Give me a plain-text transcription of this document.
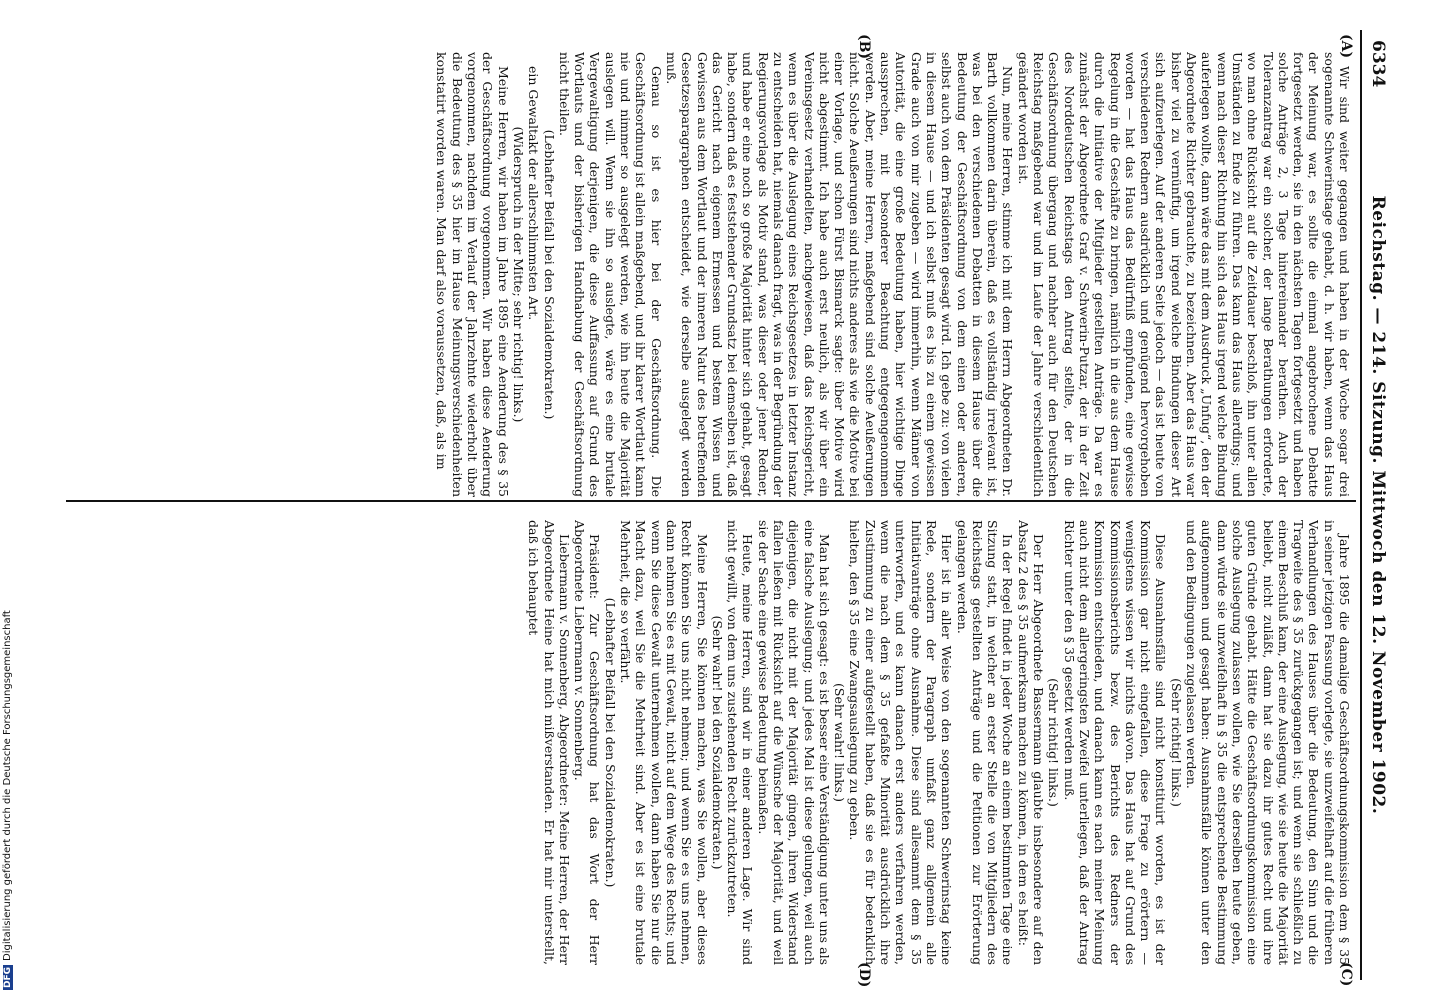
DFGDigitalisierung gefördert durch die Deutsche Forschungsgemeinschaft
6334
Reichstag. — 214. Sitzung. Mittwoch den 12. November 1902.
(A)
(B)
(C)
(D)

Wir sind weiter gegangen und haben in der Woche sogar drei sogenannte Schwerinstage gehabt, d. h. wir haben, wenn das Haus der Meinung war, es sollte die einmal angebrochene Debatte fortgesetzt werden, sie in den nächsten Tagen fortgesetzt und haben solche Anträge 2, 3 Tage hintereinander berathen. Auch der Toleranzantrag war ein solcher, der lange Berathungen erforderte, wo man ohne Rücksicht auf die Zeitdauer beschloß, ihn unter allen Umständen zu Ende zu führen. Das kann das Haus allerdings; und wenn nach dieser Richtung hin sich das Haus irgend welche Bindung auferlegen wollte, dann wäre das mit dem Ausdruck „Unfug“, den der Abgeordnete Richter gebrauchte, zu bezeichnen. Aber das Haus war bisher viel zu vernünftig, um irgend welche Bindungen dieser Art sich aufzuerlegen. Auf der anderen Seite jedoch — das ist heute von verschiedenen Rednern ausdrücklich und genügend hervorgehoben worden — hat das Haus das Bedürfniß empfunden, eine gewisse Regelung in die Geschäfte zu bringen, nämlich in die aus dem Hause durch die Initiative der Mitglieder gestellten Anträge. Da war es zunächst der Abgeordnete Graf v. Schwerin-Putzar, der in der Zeit des Norddeutschen Reichstags den Antrag stellte, der in die Geschäftsordnung übergang und nachher auch für den Deutschen Reichstag maßgebend war und im Laufe der Jahre verschiedentlich geändert worden ist.

Nun, meine Herren, stimme ich mit dem Herrn Abgeordneten Dr. Barth vollkommen darin überein, daß es vollständig irrelevant ist, was bei den verschiedenen Debatten in diesem Hause über die Bedeutung der Geschäftsordnung von dem einen oder anderen, selbst auch von dem Präsidenten gesagt wird. Ich gebe zu: von vielen in diesem Hause — und ich selbst muß es bis zu einem gewissen Grade auch von mir zugeben — wird immerhin, wenn Männer von Autorität, die eine große Bedeutung haben, hier wichtige Dinge aussprechen, mit besonderer Beachtung entgegengenommen werden. Aber, meine Herren, maßgebend sind solche Aeußerungen nicht. Solche Aeußerungen sind nichts anderes als wie die Motive bei einer Vorlage, und schon Fürst Bismarck sagte: über Motive wird nicht abgestimmt. Ich habe auch erst neulich, als wir über ein Vereinsgesetz verhandelten, nachgewiesen, daß das Reichsgericht, wenn es über die Auslegung eines Reichsgesetzes in letzter Instanz zu entscheiden hat, niemals danach fragt, was in der Begründung der Regierungsvorlage als Motiv stand, was dieser oder jener Redner, und habe er eine noch so große Majorität hinter sich gehabt, gesagt habe, sondern daß es feststehender Grundsatz bei demselben ist, daß das Gericht nach eigenem Ermessen und bestem Wissen und Gewissen aus dem Wortlaut und der inneren Natur des betreffenden Gesetzesparagraphen entscheidet, wie derselbe ausgelegt werden muß.

Genau so ist es hier bei der Geschäftsordnung. Die Geschäftsordnung ist allein maßgebend, und ihr klarer Wortlaut kann nie und nimmer so ausgelegt werden, wie ihn heute die Majorität auslegen will. Wenn sie ihn so auslegte, wäre es eine brutale Vergewaltigung derjenigen, die diese Auffassung auf Grund des Wortlauts und der bisherigen Handhabung der Geschäftsordnung nicht theilen.

(Lebhafter Beifall bei den Sozialdemokraten.)

ein Gewaltakt der allerschlimmsten Art.

(Widerspruch in der Mitte; sehr richtig! links.)

Meine Herren, wir haben im Jahre 1895 eine Aenderung des § 35 der Geschäftsordnung vorgenommen. Wir haben diese Aenderung vorgenommen, nachdem im Verlauf der Jahrzehnte wiederholt über die Bedeutung des § 35 hier im Hause Meinungsverschiedenheiten konstatirt worden waren. Man darf also voraussetzen, daß, als im

Jahre 1895 die damalige Geschäftsordnungskommission dem § 35 in seiner jetzigen Fassung vorlegte, sie unzweifelhaft auf die früheren Verhandlungen des Hauses über die Bedeutung, den Sinn und die Tragweite des § 35 zurückgegangen ist; und wenn sie schließlich zu einem Beschluß kam, der eine Auslegung, wie sie heute die Majorität beliebt, nicht zuläßt, dann hat sie dazu ihr gutes Recht und ihre guten Gründe gehabt. Hätte die Geschäftsordnungskommission eine solche Auslegung zulassen wollen, wie Sie derselben heute geben, dann würde sie unzweifelhaft in § 35 die entsprechende Bestimmung aufgenommen und gesagt haben: Ausnahmsfälle können unter den und den Bedingungen zugelassen werden.

(Sehr richtig! links.)

Diese Ausnahmsfälle sind nicht konstituirt worden, es ist der Kommission gar nicht eingefallen, diese Frage zu erörtern — wenigstens wissen wir nichts davon. Das Haus hat auf Grund des Kommissionsberichts bezw. des Berichts des Redners der Kommission entschieden, und danach kann es nach meiner Meinung auch nicht dem allergeringsten Zweifel unterliegen, daß der Antrag Richter unter den § 35 gesetzt werden muß.

(Sehr richtig! links.)

Der Herr Abgeordnete Bassermann glaubte insbesondere auf den Absatz 2 des § 35 aufmerksam machen zu können, in dem es heißt:

In der Regel findet in jeder Woche an einem bestimmten Tage eine Sitzung statt, in welcher an erster Stelle die von Mitgliedern des Reichstags gestellten Anträge und die Petitionen zur Erörterung gelangen werden.

Hier ist in aller Weise von den sogenannten Schwerinstag keine Rede, sondern der Paragraph umfaßt ganz allgemein alle Initiativanträge ohne Ausnahme. Diese sind allesammt dem § 35 unterworfen, und es kann danach erst anders verfahren werden, wenn die nach dem § 35 gefaßte Minorität ausdrücklich ihre Zustimmung zu einer aufgestellt haben, daß sie es für bedenklich hielten, den § 35 eine Zwangsauslegung zu geben.

(Sehr wahr! links.)

Man hat sich gesagt: es ist besser eine Verständigung unter uns als eine falsche Auslegung; und jedes Mal ist diese gelungen, weil auch diejenigen, die nicht mit der Majorität gingen, ihren Widerstand fallen ließen mit Rücksicht auf die Wünsche der Majorität, und weil sie der Sache eine gewisse Bedeutung beimaßen.

Heute, meine Herren, sind wir in einer anderen Lage. Wir sind nicht gewillt, von dem uns zustehenden Recht zurückzutreten.

(Sehr wahr! bei den Sozialdemokraten.)

Meine Herren, Sie können machen, was Sie wollen, aber dieses Recht können Sie uns nicht nehmen; und wenn Sie es uns nehmen, dann nehmen Sie es mit Gewalt, nicht auf dem Wege des Rechts; und wenn Sie diese Gewalt unternehmen wollen, dann haben Sie nur die Macht dazu, weil Sie die Mehrheit sind. Aber es ist eine brutale Mehrheit, die so verfährt.

(Lebhafter Beifall bei den Sozialdemokraten.)

Präsident: Zur Geschäftsordnung hat das Wort der Herr Abgeordnete Liebermann v. Sonnenberg.

Liebermann v. Sonnenberg, Abgeordneter: Meine Herren, der Herr Abgeordnete Heine hat mich mißverstanden. Er hat mir unterstellt, daß ich behauptet
